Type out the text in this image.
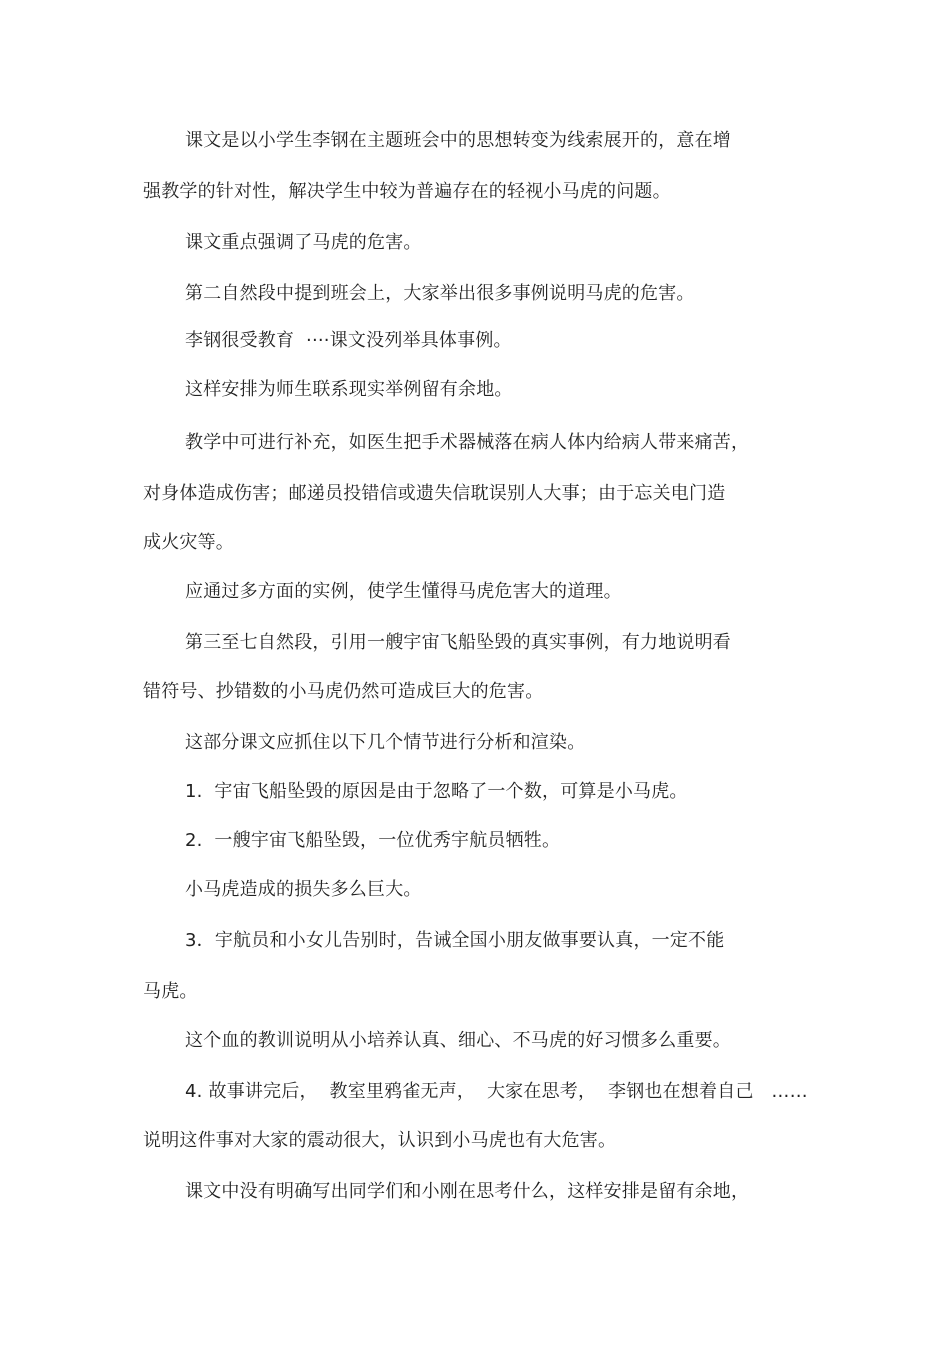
课文是以小学生李钢在主题班会中的思想转变为线索展开的，意在增
强教学的针对性，解决学生中较为普遍存在的轻视小马虎的问题。
课文重点强调了马虎的危害。
第二自然段中提到班会上，大家举出很多事例说明马虎的危害。
李钢很受教育  ····课文没列举具体事例。
这样安排为师生联系现实举例留有余地。
教学中可进行补充，如医生把手术器械落在病人体内给病人带来痛苦，
对身体造成伤害；邮递员投错信或遗失信耽误别人大事；由于忘关电门造
成火灾等。
应通过多方面的实例，使学生懂得马虎危害大的道理。
第三至七自然段，引用一艘宇宙飞船坠毁的真实事例，有力地说明看
错符号、抄错数的小马虎仍然可造成巨大的危害。
这部分课文应抓住以下几个情节进行分析和渲染。
1.  宇宙飞船坠毁的原因是由于忽略了一个数，可算是小马虎。
2.  一艘宇宙飞船坠毁，一位优秀宇航员牺牲。
小马虎造成的损失多么巨大。
3．宇航员和小女儿告别时，告诫全国小朋友做事要认真，一定不能
马虎。
这个血的教训说明从小培养认真、细心、不马虎的好习惯多么重要。
4. 故事讲完后，  教室里鸦雀无声，  大家在思考，  李钢也在想着自己   ……
说明这件事对大家的震动很大，认识到小马虎也有大危害。
课文中没有明确写出同学们和小刚在思考什么，这样安排是留有余地，
